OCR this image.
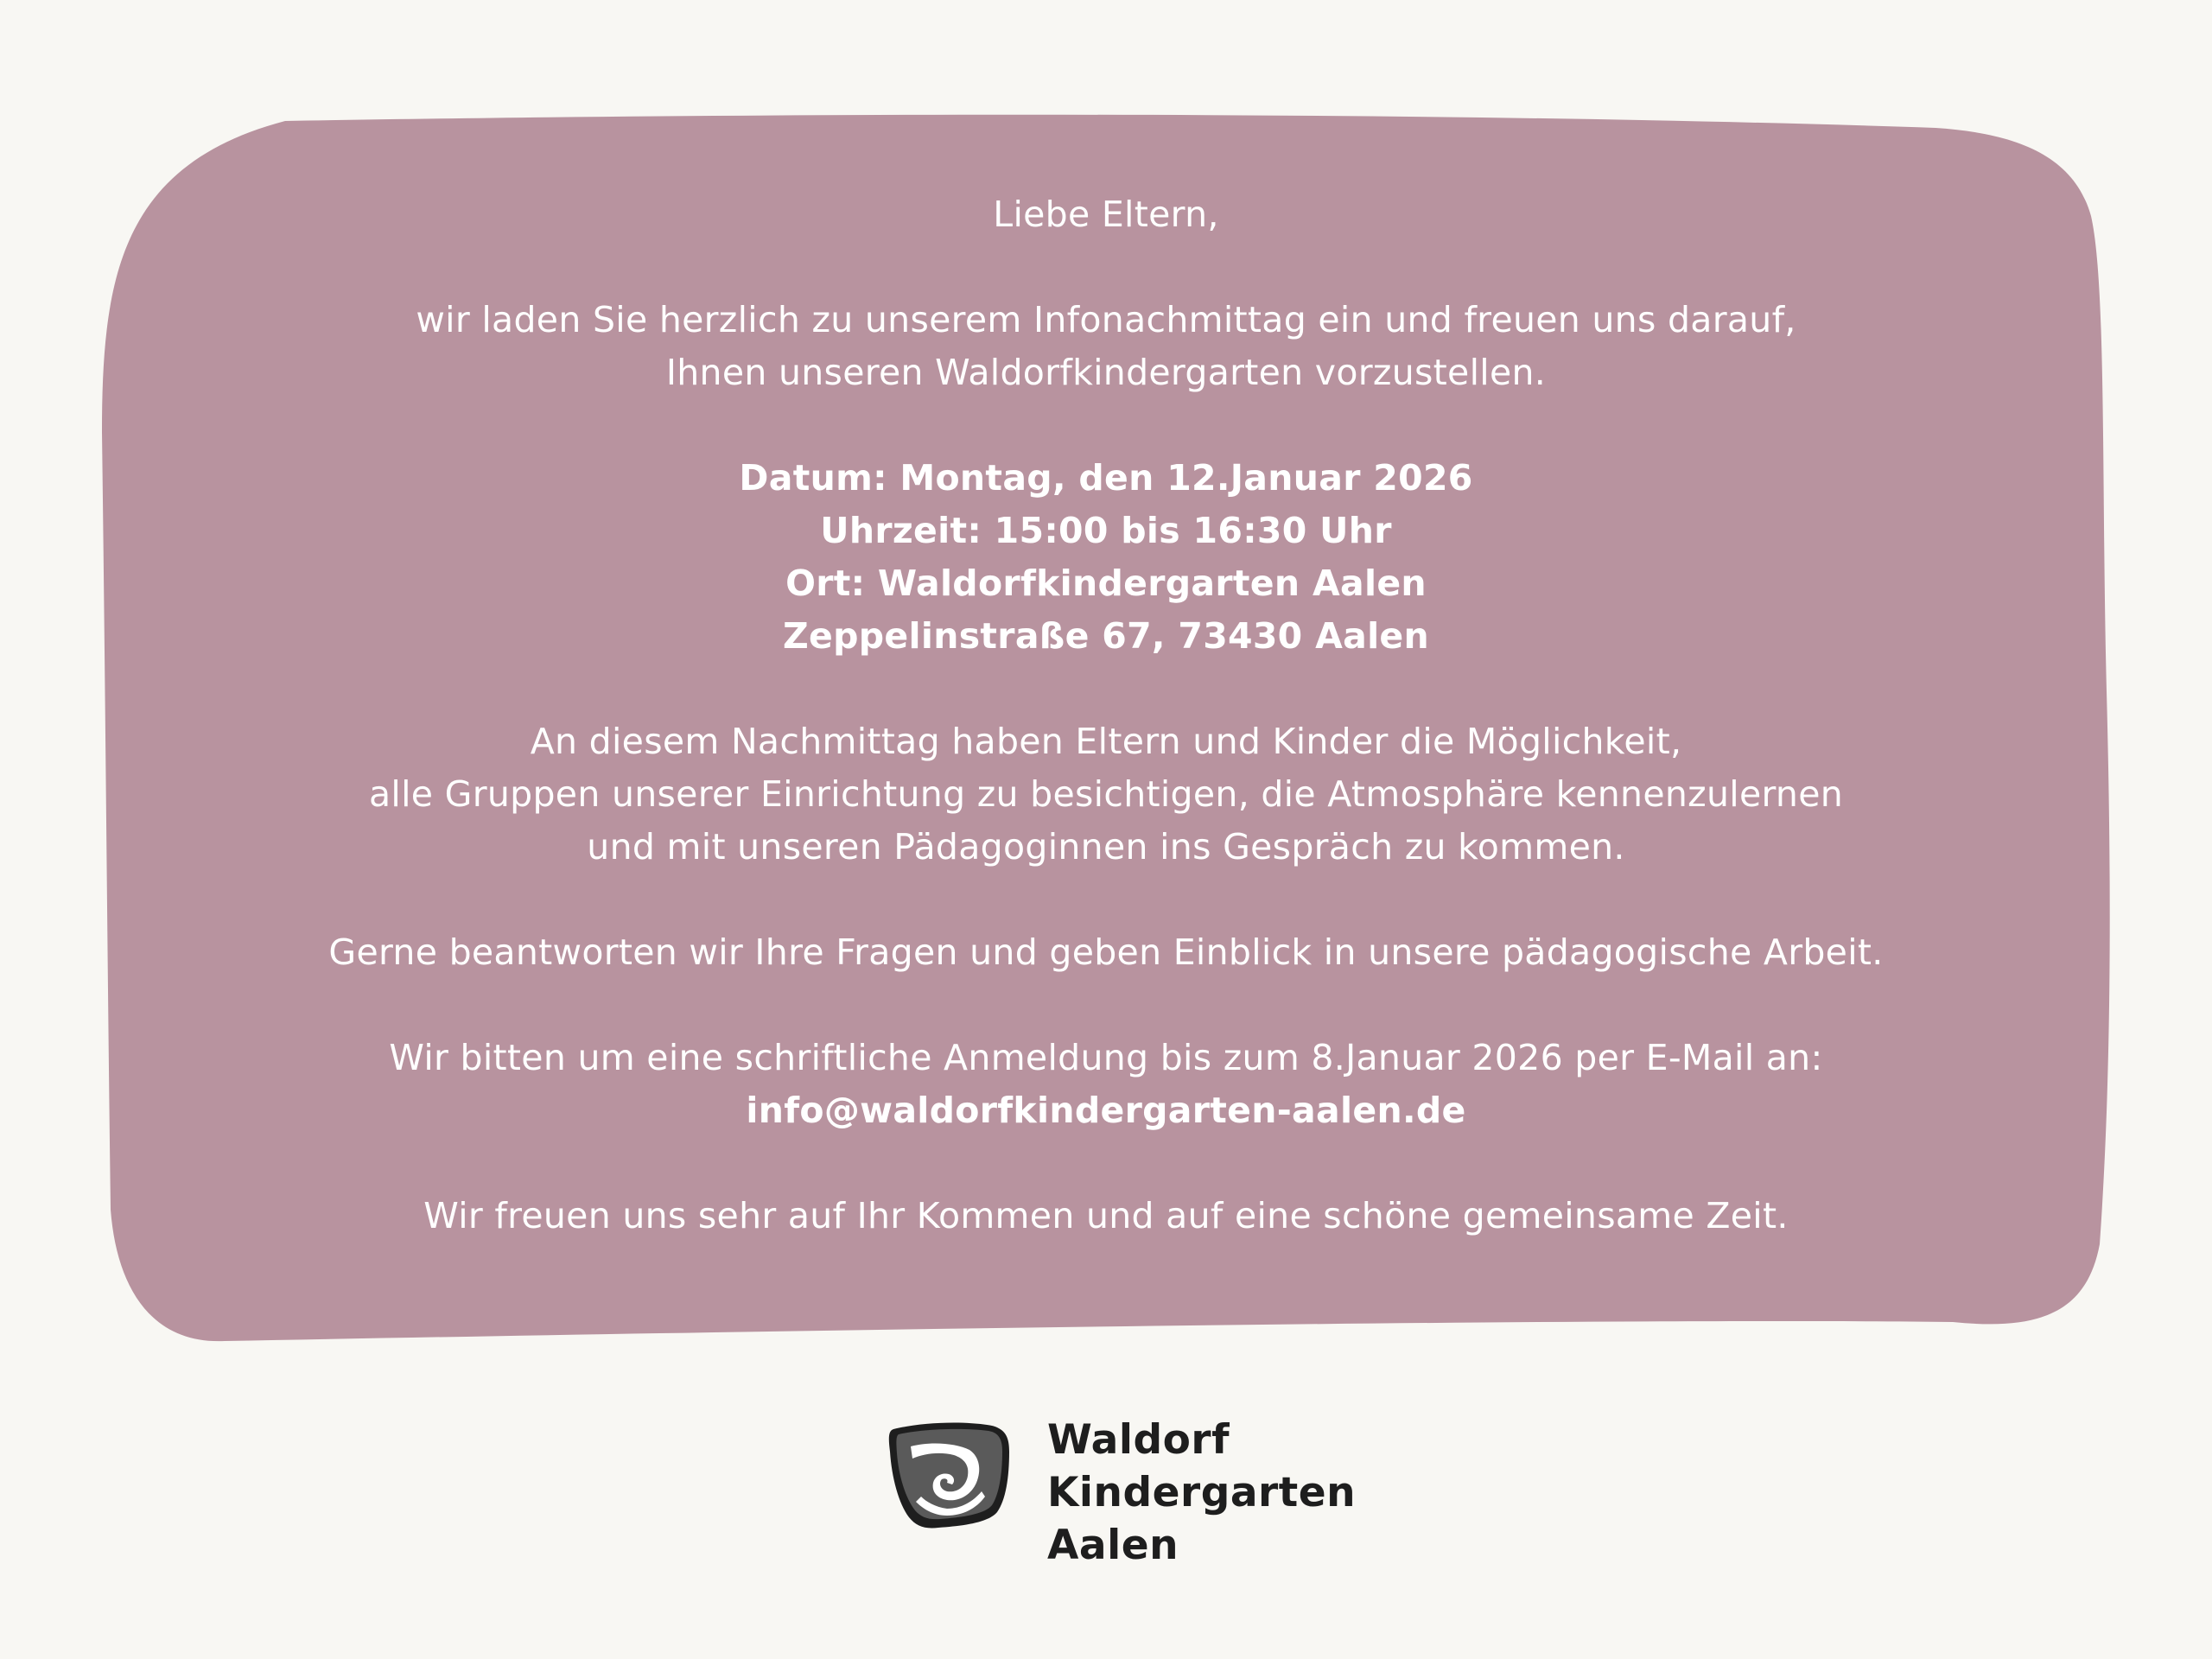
Liebe Eltern,

wir laden Sie herzlich zu unserem Infonachmittag ein und freuen uns darauf,

Ihnen unseren Waldorfkindergarten vorzustellen.

Datum: Montag, den 12.Januar 2026

Uhrzeit: 15:00 bis 16:30 Uhr

Ort: Waldorfkindergarten Aalen

Zeppelinstraße 67, 73430 Aalen

An diesem Nachmittag haben Eltern und Kinder die Möglichkeit,

alle Gruppen unserer Einrichtung zu besichtigen, die Atmosphäre kennenzulernen

und mit unseren Pädagoginnen ins Gespräch zu kommen.

Gerne beantworten wir Ihre Fragen und geben Einblick in unsere pädagogische Arbeit.

Wir bitten um eine schriftliche Anmeldung bis zum 8.Januar 2026 per E-Mail an:

info@waldorfkindergarten-aalen.de

Wir freuen uns sehr auf Ihr Kommen und auf eine schöne gemeinsame Zeit.

Waldorf
Kindergarten
Aalen
